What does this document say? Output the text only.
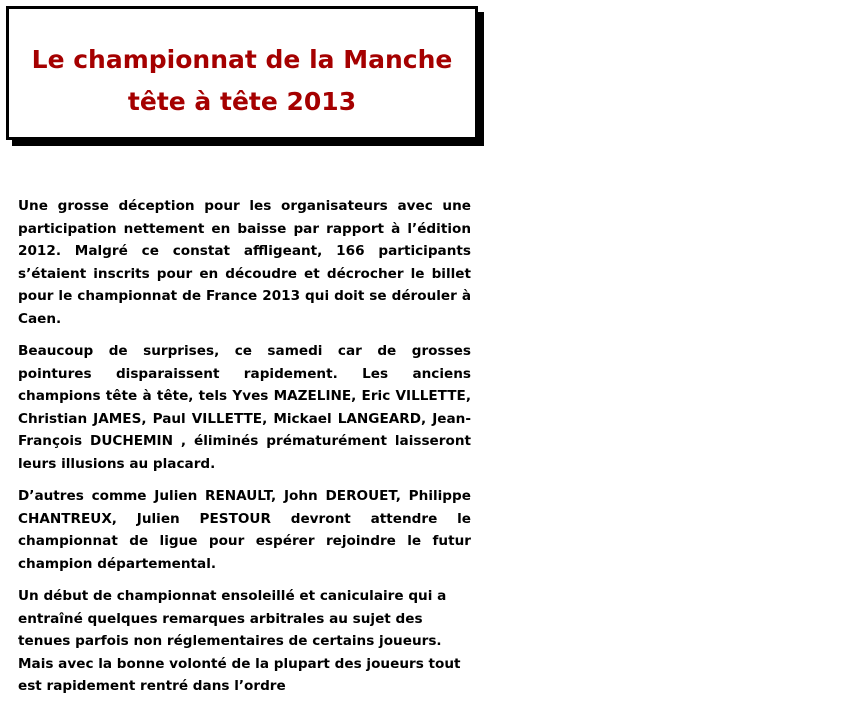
Le championnat de la Manche
tête à tête 2013

Une grosse déception pour les organisateurs avec une participation nettement en baisse par rapport à l’édition 2012. Malgré ce constat affligeant, 166 participants s’étaient inscrits pour en découdre et décrocher le billet pour le championnat de France 2013 qui doit se dérouler à Caen.

Beaucoup de surprises, ce samedi car de grosses pointures disparaissent rapidement. Les anciens champions tête à tête, tels Yves MAZELINE, Eric VILLETTE, Christian JAMES, Paul VILLETTE, Mickael LANGEARD, Jean-François DUCHEMIN , éliminés prématurément laisseront leurs illusions au placard.

D’autres comme Julien RENAULT, John DEROUET, Philippe CHANTREUX, Julien PESTOUR devront attendre le championnat de ligue pour espérer rejoindre le futur champion départemental.

Un début de championnat ensoleillé et caniculaire qui a entraîné quelques remarques arbitrales au sujet des tenues parfois non réglementaires de certains joueurs. Mais avec la bonne volonté de la plupart des joueurs tout est rapidement rentré dans l’ordre
